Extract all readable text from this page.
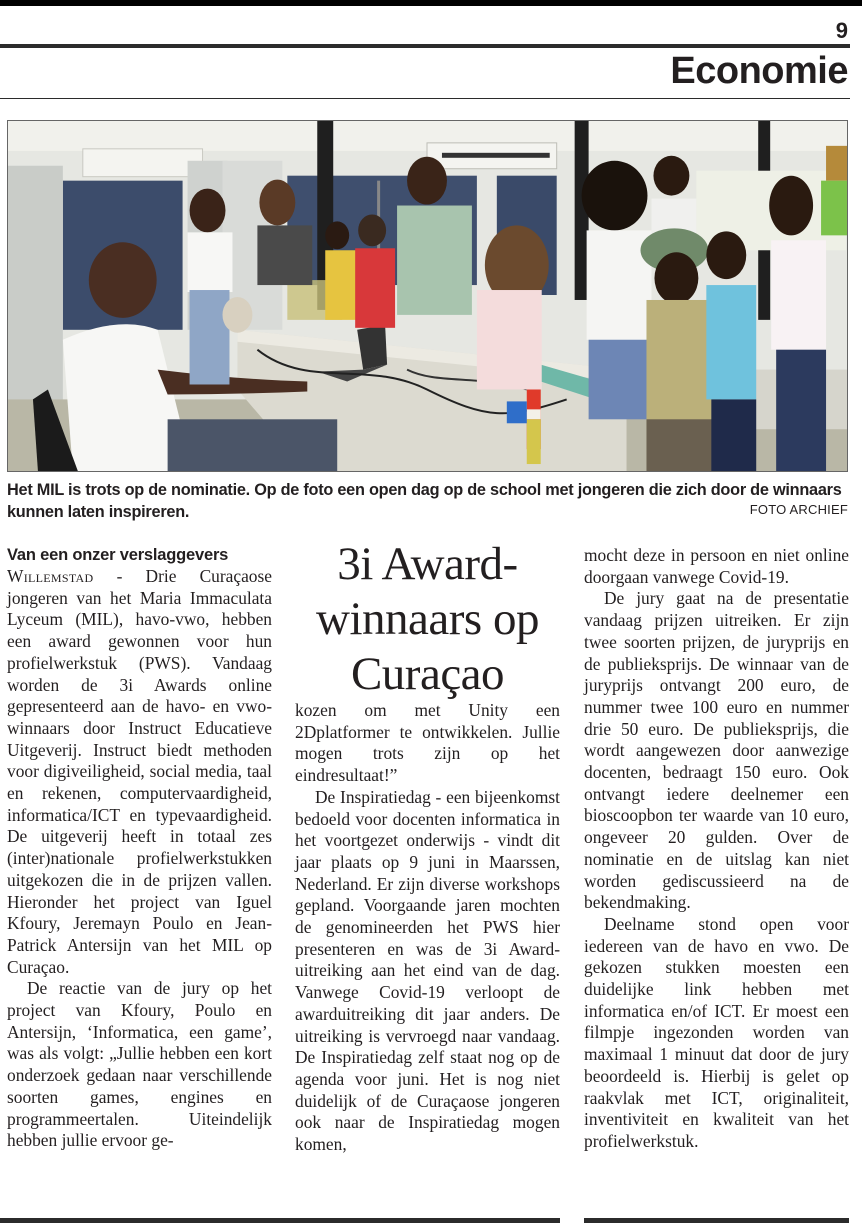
9
Economie
Het MIL is trots op de nominatie. Op de foto een open dag op de school met jongeren die zich door de winnaars kunnen laten inspireren.	FOTO ARCHIEF
Van een onzer verslaggevers

Willemstad - Drie Curaçaose jongeren van het Maria Immaculata Lyceum (MIL), havo-vwo, hebben een award gewonnen voor hun profielwerkstuk (PWS). Vandaag worden de 3i Awards online gepresenteerd aan de havo- en vwo-winnaars door Instruct Educatieve Uitgeverij. Instruct biedt methoden voor digiveiligheid, social media, taal en rekenen, computervaardigheid, informatica/ICT en typevaardigheid. De uitgeverij heeft in totaal zes (inter)nationale profielwerkstukken uitgekozen die in de prijzen vallen. Hieronder het project van Iguel Kfoury, Jeremayn Poulo en Jean-Patrick Antersijn van het MIL op Curaçao.

De reactie van de jury op het project van Kfoury, Poulo en Antersijn, ‘Informatica, een game’, was als volgt: „Jullie hebben een kort onderzoek gedaan naar verschillende soorten games, engines en programmeertalen. Uiteindelijk hebben jullie ervoor ge-

3i Award-
winnaars op
Curaçao

kozen om met Unity een 2Dplatformer te ontwikkelen. Jullie mogen trots zijn op het eindresultaat!”

De Inspiratiedag - een bijeenkomst bedoeld voor docenten informatica in het voortgezet onderwijs - vindt dit jaar plaats op 9 juni in Maarssen, Nederland. Er zijn diverse workshops gepland. Voorgaande jaren mochten de genomineerden het PWS hier presenteren en was de 3i Award-uitreiking aan het eind van de dag. Vanwege Covid-19 verloopt de awarduitreiking dit jaar anders. De uitreiking is vervroegd naar vandaag. De Inspiratiedag zelf staat nog op de agenda voor juni. Het is nog niet duidelijk of de Curaçaose jongeren ook naar de Inspiratiedag mogen komen,

mocht deze in persoon en niet online doorgaan vanwege Covid-19.

De jury gaat na de presentatie vandaag prijzen uitreiken. Er zijn twee soorten prijzen, de juryprijs en de publieksprijs. De winnaar van de juryprijs ontvangt 200 euro, de nummer twee 100 euro en nummer drie 50 euro. De publieksprijs, die wordt aangewezen door aanwezige docenten, bedraagt 150 euro. Ook ontvangt iedere deelnemer een bioscoopbon ter waarde van 10 euro, ongeveer 20 gulden. Over de nominatie en de uitslag kan niet worden gediscussieerd na de bekendmaking.

Deelname stond open voor iedereen van de havo en vwo. De gekozen stukken moesten een duidelijke link hebben met informatica en/of ICT. Er moest een filmpje ingezonden worden van maximaal 1 minuut dat door de jury beoordeeld is. Hierbij is gelet op raakvlak met ICT, originaliteit, inventiviteit en kwaliteit van het profielwerkstuk.
